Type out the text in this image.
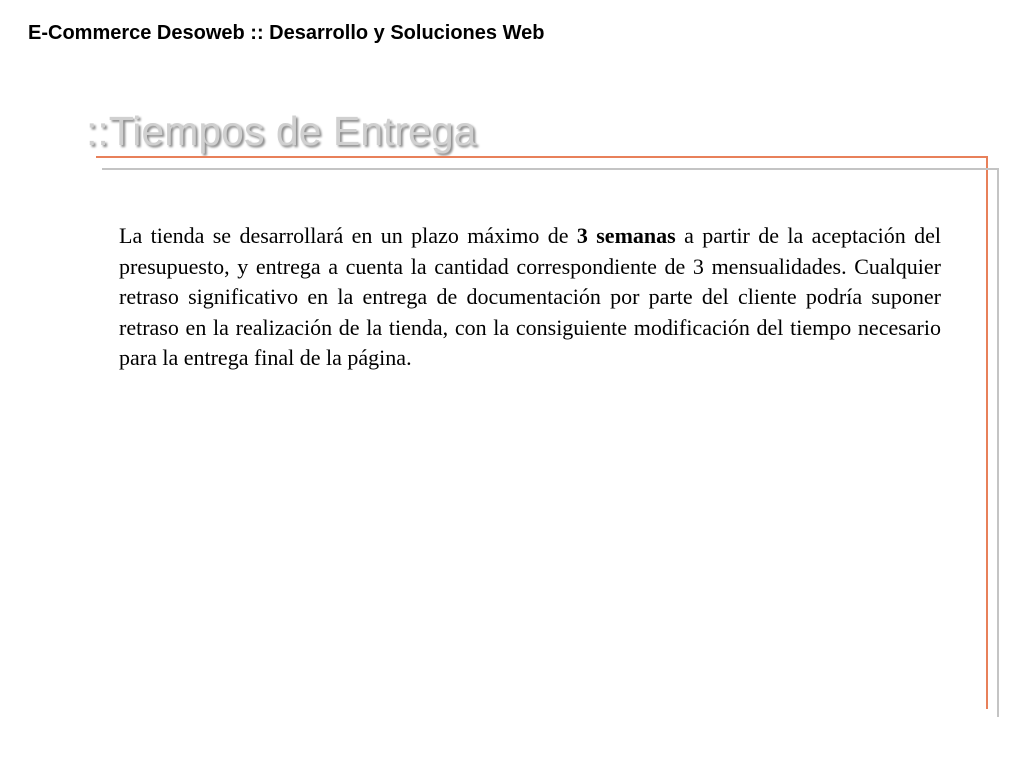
E-Commerce Desoweb :: Desarrollo y Soluciones Web
::Tiempos de Entrega
La tienda se desarrollará en un plazo máximo de 3 semanas a partir de la aceptación del presupuesto, y entrega a cuenta la cantidad correspondiente de 3 mensualidades. Cualquier retraso significativo en la entrega de documentación por parte del cliente podría suponer retraso en la realización de la tienda, con la consiguiente modificación del tiempo necesario para la entrega final de la página.
